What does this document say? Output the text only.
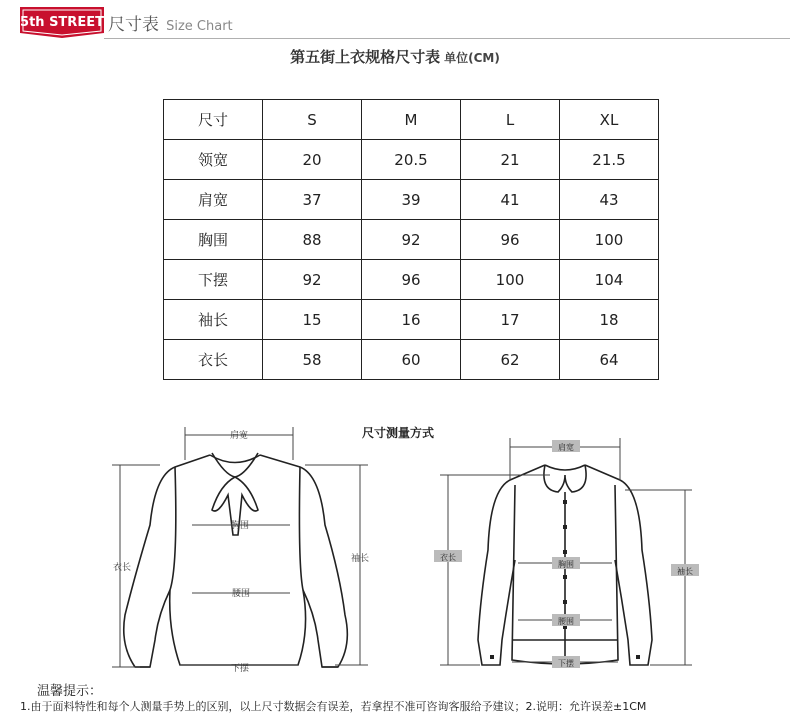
5th STREET 尺寸表 Size Chart
第五街上衣规格尺寸表 单位(CM)
尺寸	S	M	L	XL
领宽	20	20.5	21	21.5
肩宽	37	39	41	43
胸围	88	92	96	100
下摆	92	96	100	104
袖长	15	16	17	18
衣长	58	60	62	64
尺寸测量方式
肩宽
胸围
腰围
下摆
衣长
袖长
肩宽
胸围
腰围
下摆
衣长
袖长
温馨提示：
1.由于面料特性和每个人测量手势上的区别，以上尺寸数据会有误差，若拿捏不准可咨询客服给予建议；2.说明：允许误差±1CM
